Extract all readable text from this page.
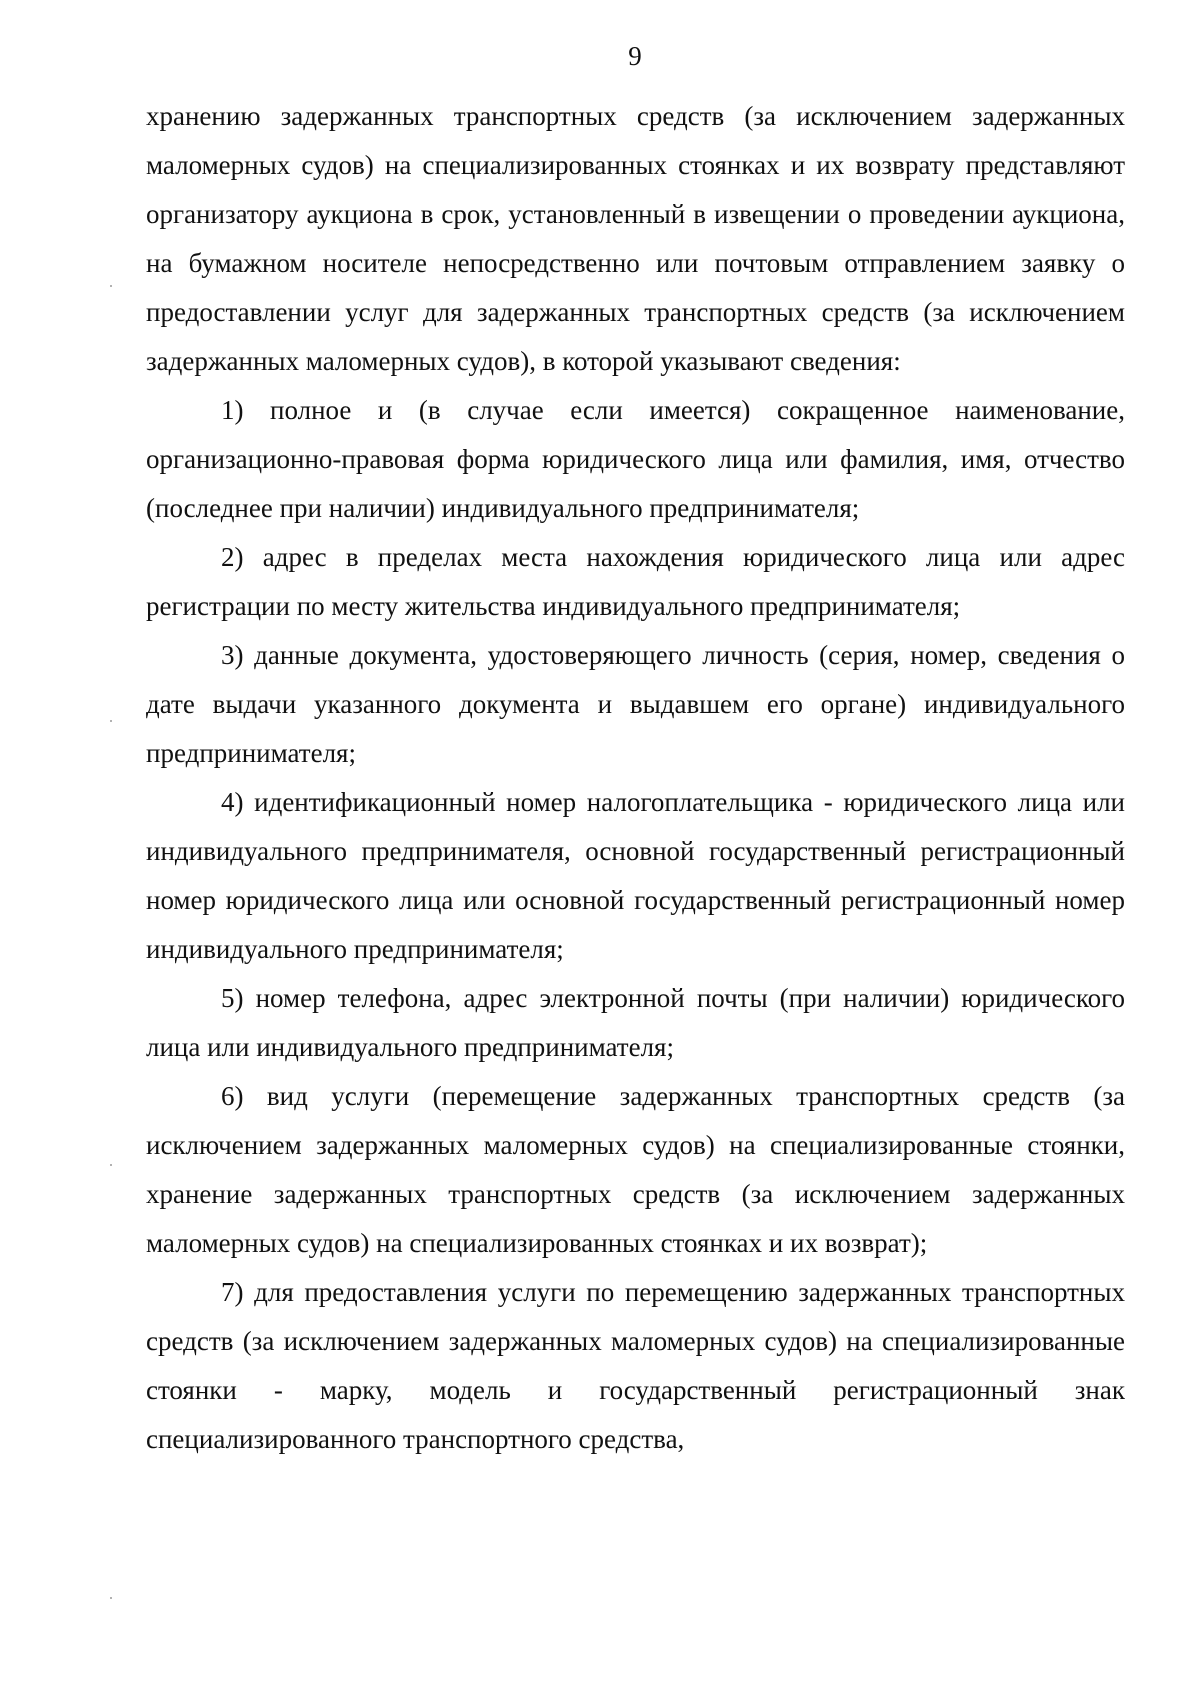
9

хранению задержанных транспортных средств (за исключением задержанных маломерных судов) на специализированных стоянках и их возврату представляют организатору аукциона в срок, установленный в извещении о проведении аукциона, на бумажном носителе непосредственно или почтовым отправлением заявку о предоставлении услуг для задержанных транспортных средств (за исключением задержанных маломерных судов), в которой указывают сведения:

1) полное и (в случае если имеется) сокращенное наименование, организационно-правовая форма юридического лица или фамилия, имя, отчество (последнее при наличии) индивидуального предпринимателя;

2) адрес в пределах места нахождения юридического лица или адрес регистрации по месту жительства индивидуального предпринимателя;

3) данные документа, удостоверяющего личность (серия, номер, сведения о дате выдачи указанного документа и выдавшем его органе) индивидуального предпринимателя;

4) идентификационный номер налогоплательщика - юридического лица или индивидуального предпринимателя, основной государственный регистрационный номер юридического лица или основной государственный регистрационный номер индивидуального предпринимателя;

5) номер телефона, адрес электронной почты (при наличии) юридического лица или индивидуального предпринимателя;

6) вид услуги (перемещение задержанных транспортных средств (за исключением задержанных маломерных судов) на специализированные стоянки, хранение задержанных транспортных средств (за исключением задержанных маломерных судов) на специализированных стоянках и их возврат);

7) для предоставления услуги по перемещению задержанных транспортных средств (за исключением задержанных маломерных судов) на специализированные стоянки - марку, модель и государственный регистрационный знак специализированного транспортного средства,
